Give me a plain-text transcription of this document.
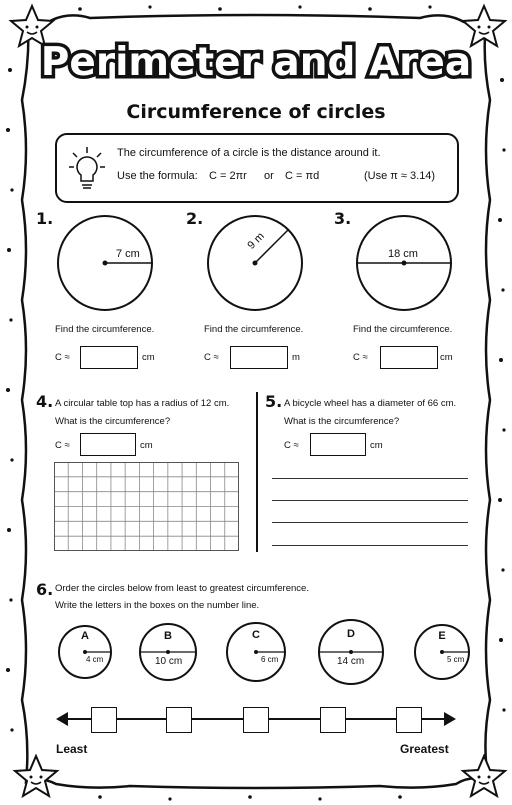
Perimeter and Area
Circumference of circles
The circumference of a circle is the distance around it.
Use the formula: C = 2πr or C = πd	(Use π ≈ 3.14)
1.	2.	3.
7 cm
9 m
18 cm
Find the circumference.	Find the circumference.	Find the circumference.
C ≈	cm	C ≈	m	C ≈	cm
4. A circular table top has a radius of 12 cm.
What is the circumference?
C ≈	cm
5. A bicycle wheel has a diameter of 66 cm.
What is the circumference?
C ≈	cm
6. Order the circles below from least to greatest circumference.
Write the letters in the boxes on the number line.
A
4 cm
B
10 cm
C
6 cm
D
14 cm
E
5 cm
Least	Greatest
